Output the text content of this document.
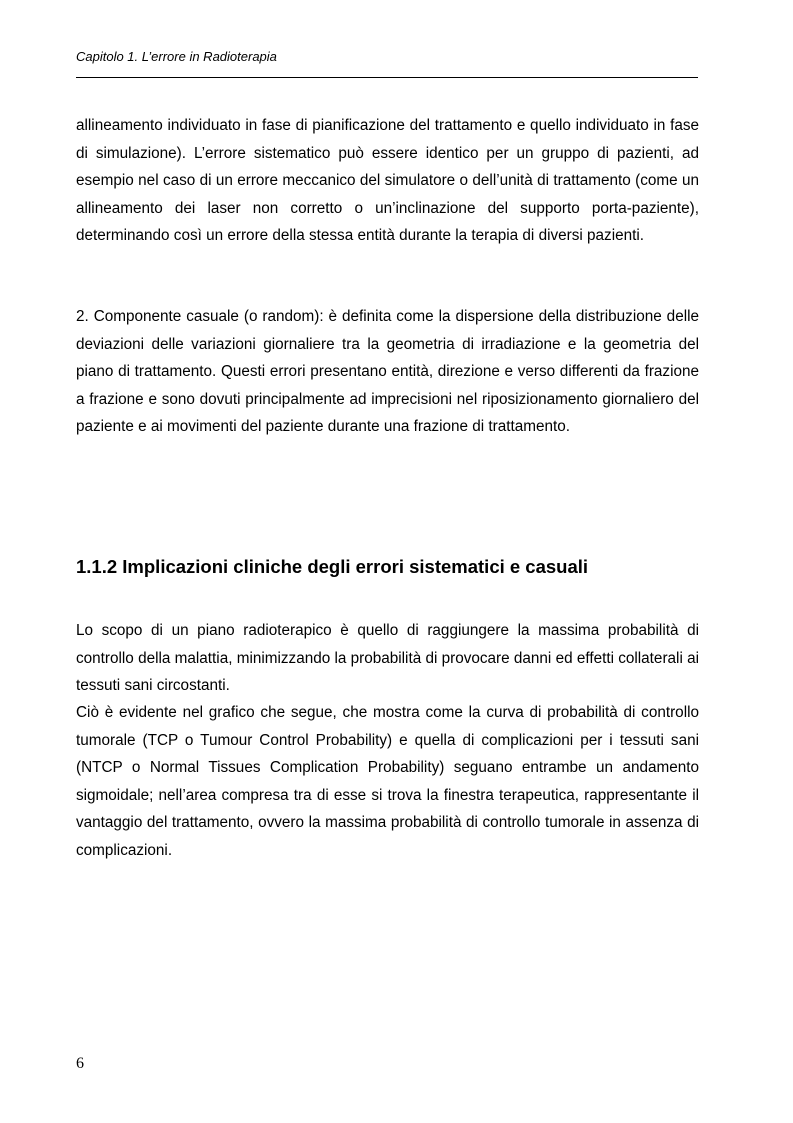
Capitolo 1. L’errore in Radioterapia

allineamento individuato in fase di pianificazione del trattamento e quello individuato in fase di simulazione). L’errore sistematico può essere identico per un gruppo di pazienti, ad esempio nel caso di un errore meccanico del simulatore o dell’unità di trattamento (come un allineamento dei laser non corretto o un’inclinazione del supporto porta-paziente), determinando così un errore della stessa entità durante la terapia di diversi pazienti.

2. Componente casuale (o random): è definita come la dispersione della distribuzione delle deviazioni delle variazioni giornaliere tra la geometria di irradiazione e la geometria del piano di trattamento. Questi errori presentano entità, direzione e verso differenti da frazione a frazione e sono dovuti principalmente ad imprecisioni nel riposizionamento giornaliero del paziente e ai movimenti del paziente durante una frazione di trattamento.

1.1.2 Implicazioni cliniche degli errori sistematici e casuali

Lo scopo di un piano radioterapico è quello di raggiungere la massima probabilità di controllo della malattia, minimizzando la probabilità di provocare danni ed effetti collaterali ai tessuti sani circostanti.

Ciò è evidente nel grafico che segue, che mostra come la curva di probabilità di controllo tumorale (TCP o Tumour Control Probability) e quella di complicazioni per i tessuti sani (NTCP o Normal Tissues Complication Probability) seguano entrambe un andamento sigmoidale; nell’area compresa tra di esse si trova la finestra terapeutica, rappresentante il vantaggio del trattamento, ovvero la massima probabilità di controllo tumorale in assenza di complicazioni.

6
